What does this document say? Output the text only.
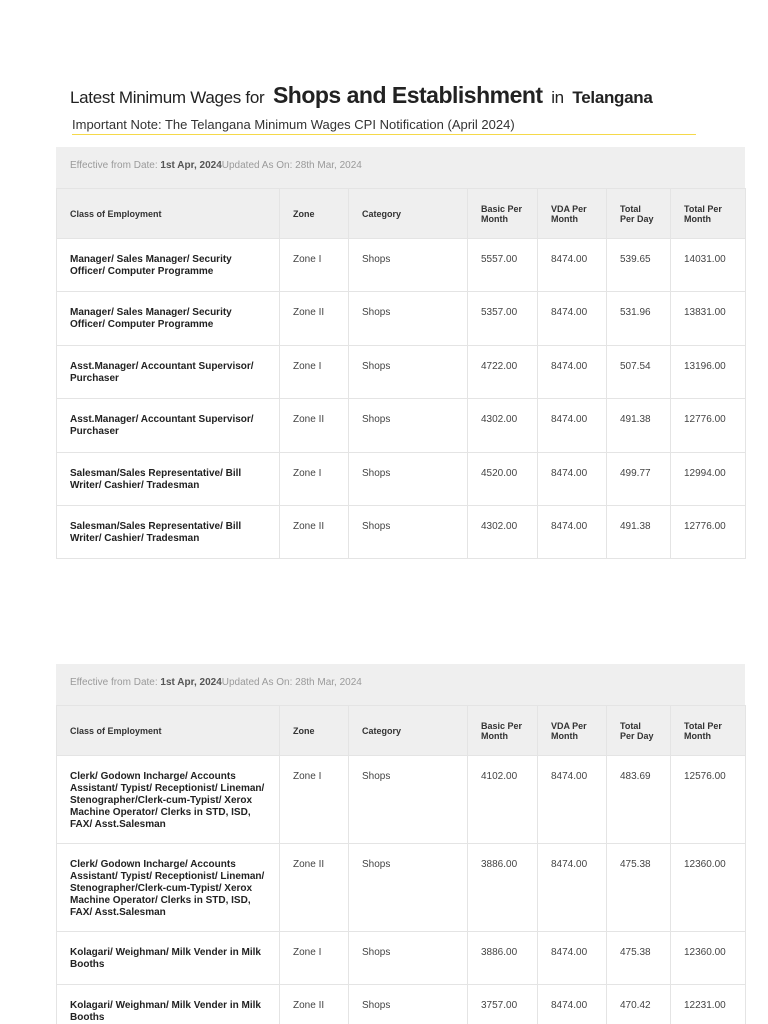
Latest Minimum Wages for Shops and Establishment in Telangana
Important Note: The Telangana Minimum Wages CPI Notification (April 2024)
Effective from Date: 1st Apr, 2024Updated As On: 28th Mar, 2024
Class of Employment	Zone	Category	Basic Per Month	VDA Per Month	Total Per Day	Total Per Month
Manager/ Sales Manager/ Security Officer/ Computer Programme	Zone I	Shops	5557.00	8474.00	539.65	14031.00
Manager/ Sales Manager/ Security Officer/ Computer Programme	Zone II	Shops	5357.00	8474.00	531.96	13831.00
Asst.Manager/ Accountant Supervisor/ Purchaser	Zone I	Shops	4722.00	8474.00	507.54	13196.00
Asst.Manager/ Accountant Supervisor/ Purchaser	Zone II	Shops	4302.00	8474.00	491.38	12776.00
Salesman/Sales Representative/ Bill Writer/ Cashier/ Tradesman	Zone I	Shops	4520.00	8474.00	499.77	12994.00
Salesman/Sales Representative/ Bill Writer/ Cashier/ Tradesman	Zone II	Shops	4302.00	8474.00	491.38	12776.00
Effective from Date: 1st Apr, 2024Updated As On: 28th Mar, 2024
Class of Employment	Zone	Category	Basic Per Month	VDA Per Month	Total Per Day	Total Per Month
Clerk/ Godown Incharge/ Accounts Assistant/ Typist/ Receptionist/ Lineman/ Stenographer/Clerk-cum-Typist/ Xerox Machine Operator/ Clerks in STD, ISD, FAX/ Asst.Salesman	Zone I	Shops	4102.00	8474.00	483.69	12576.00
Clerk/ Godown Incharge/ Accounts Assistant/ Typist/ Receptionist/ Lineman/ Stenographer/Clerk-cum-Typist/ Xerox Machine Operator/ Clerks in STD, ISD, FAX/ Asst.Salesman	Zone II	Shops	3886.00	8474.00	475.38	12360.00
Kolagari/ Weighman/ Milk Vender in Milk Booths	Zone I	Shops	3886.00	8474.00	475.38	12360.00
Kolagari/ Weighman/ Milk Vender in Milk Booths	Zone II	Shops	3757.00	8474.00	470.42	12231.00
